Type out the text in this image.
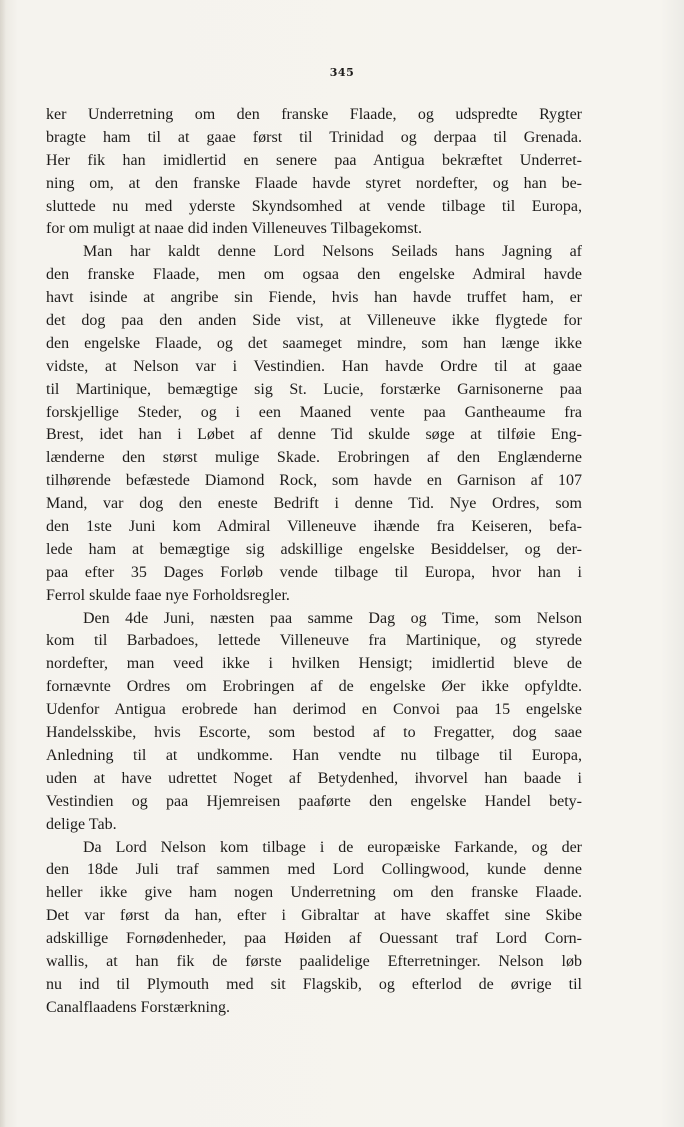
345
ker Underretning om den franske Flaade, og udspredte Rygter
bragte ham til at gaae først til Trinidad og derpaa til Grenada.
Her fik han imidlertid en senere paa Antigua bekræftet Underret-
ning om, at den franske Flaade havde styret nordefter, og han be-
sluttede nu med yderste Skyndsomhed at vende tilbage til Europa,
for om muligt at naae did inden Villeneuves Tilbagekomst.
Man har kaldt denne Lord Nelsons Seilads hans Jagning af
den franske Flaade, men om ogsaa den engelske Admiral havde
havt isinde at angribe sin Fiende, hvis han havde truffet ham, er
det dog paa den anden Side vist, at Villeneuve ikke flygtede for
den engelske Flaade, og det saameget mindre, som han længe ikke
vidste, at Nelson var i Vestindien. Han havde Ordre til at gaae
til Martinique, bemægtige sig St. Lucie, forstærke Garnisonerne paa
forskjellige Steder, og i een Maaned vente paa Gantheaume fra
Brest, idet han i Løbet af denne Tid skulde søge at tilføie Eng-
lænderne den størst mulige Skade. Erobringen af den Englænderne
tilhørende befæstede Diamond Rock, som havde en Garnison af 107
Mand, var dog den eneste Bedrift i denne Tid. Nye Ordres, som
den 1ste Juni kom Admiral Villeneuve ihænde fra Keiseren, befa-
lede ham at bemægtige sig adskillige engelske Besiddelser, og der-
paa efter 35 Dages Forløb vende tilbage til Europa, hvor han i
Ferrol skulde faae nye Forholdsregler.
Den 4de Juni, næsten paa samme Dag og Time, som Nelson
kom til Barbadoes, lettede Villeneuve fra Martinique, og styrede
nordefter, man veed ikke i hvilken Hensigt; imidlertid bleve de
fornævnte Ordres om Erobringen af de engelske Øer ikke opfyldte.
Udenfor Antigua erobrede han derimod en Convoi paa 15 engelske
Handelsskibe, hvis Escorte, som bestod af to Fregatter, dog saae
Anledning til at undkomme. Han vendte nu tilbage til Europa,
uden at have udrettet Noget af Betydenhed, ihvorvel han baade i
Vestindien og paa Hjemreisen paaførte den engelske Handel bety-
delige Tab.
Da Lord Nelson kom tilbage i de europæiske Farkande, og der
den 18de Juli traf sammen med Lord Collingwood, kunde denne
heller ikke give ham nogen Underretning om den franske Flaade.
Det var først da han, efter i Gibraltar at have skaffet sine Skibe
adskillige Fornødenheder, paa Høiden af Ouessant traf Lord Corn-
wallis, at han fik de første paalidelige Efterretninger. Nelson løb
nu ind til Plymouth med sit Flagskib, og efterlod de øvrige til
Canalflaadens Forstærkning.
